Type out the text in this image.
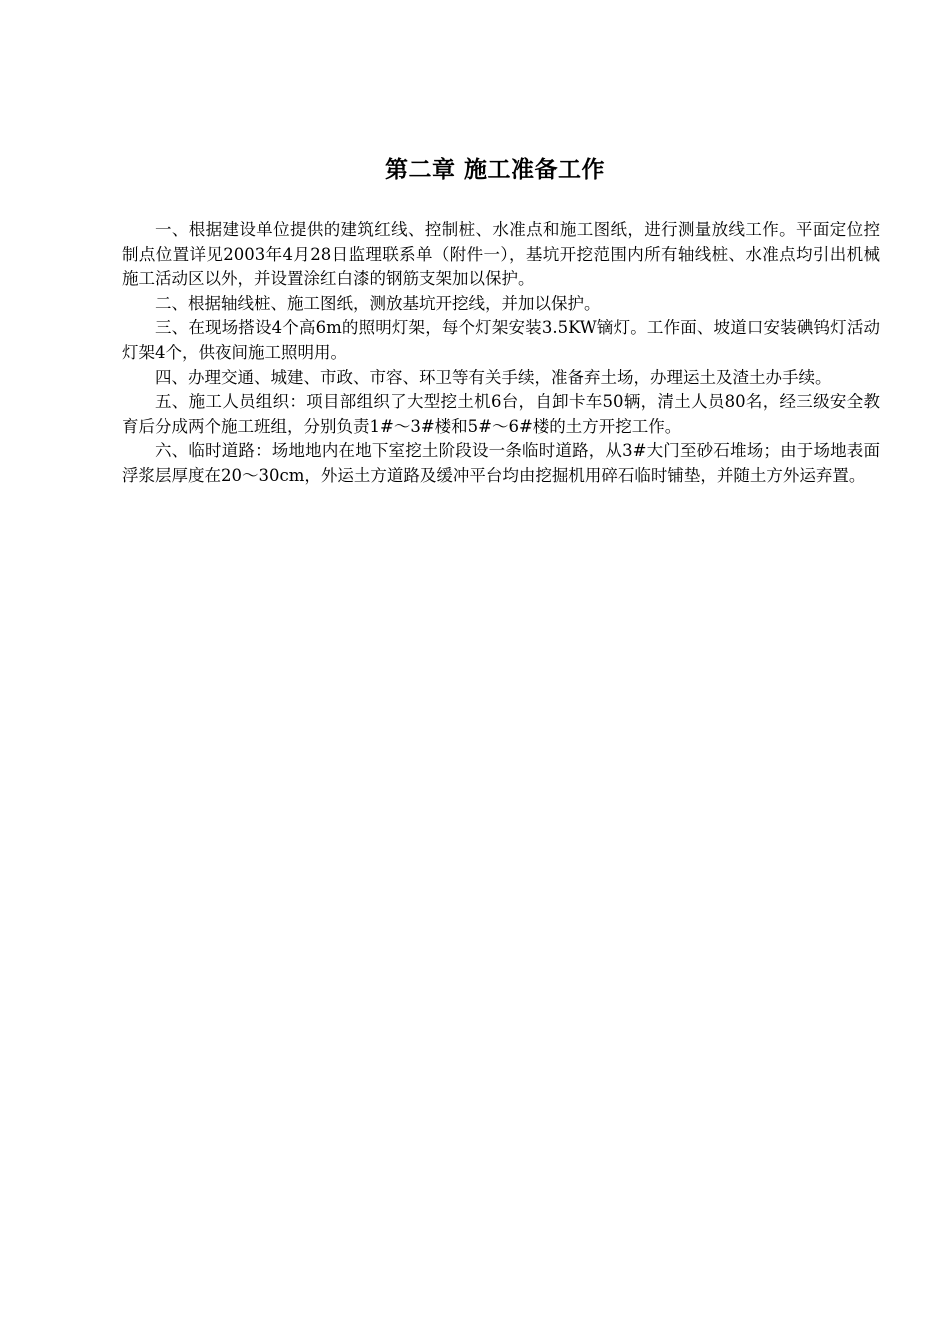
第二章 施工准备工作

一、根据建设单位提供的建筑红线、控制桩、水准点和施工图纸，进行测量放线工作。平面定位控制点位置详见2003年4月28日监理联系单（附件一），基坑开挖范围内所有轴线桩、水准点均引出机械施工活动区以外，并设置涂红白漆的钢筋支架加以保护。

二、根据轴线桩、施工图纸，测放基坑开挖线，并加以保护。

三、在现场搭设4个高6m的照明灯架，每个灯架安装3.5KW镝灯。工作面、坡道口安装碘钨灯活动灯架4个，供夜间施工照明用。

四、办理交通、城建、市政、市容、环卫等有关手续，准备弃土场，办理运土及渣土办手续。

五、施工人员组织：项目部组织了大型挖土机6台，自卸卡车50辆，清土人员80名，经三级安全教育后分成两个施工班组，分别负责1#～3#楼和5#～6#楼的土方开挖工作。

六、临时道路：场地地内在地下室挖土阶段设一条临时道路，从3#大门至砂石堆场；由于场地表面浮浆层厚度在20～30cm，外运土方道路及缓冲平台均由挖掘机用碎石临时铺垫，并随土方外运弃置。
